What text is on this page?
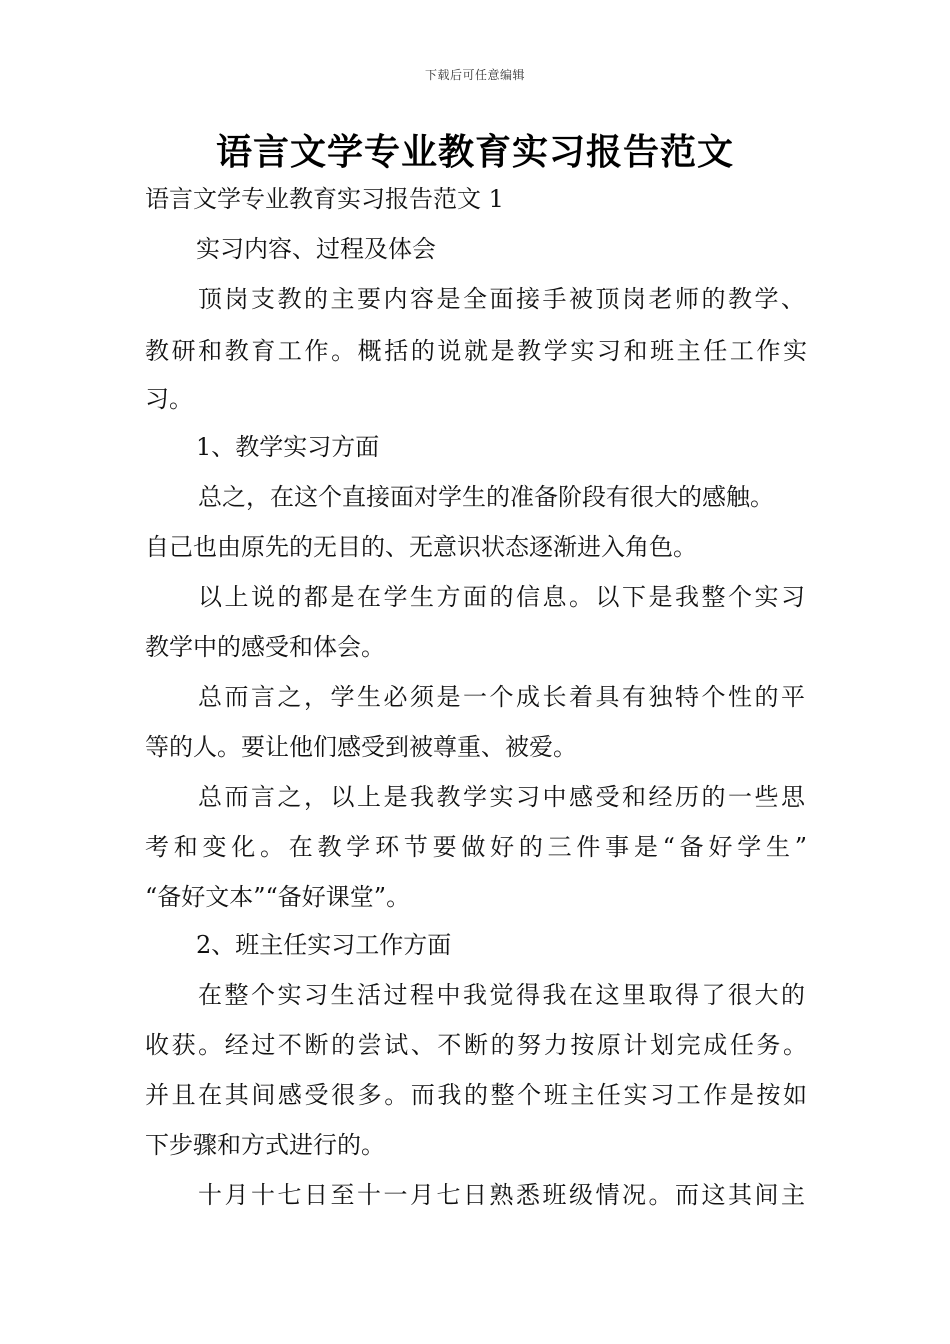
下载后可任意编辑
语言文学专业教育实习报告范文
语言文学专业教育实习报告范文 1
实习内容、过程及体会
顶岗支教的主要内容是全面接手被顶岗老师的教学、
教研和教育工作。概括的说就是教学实习和班主任工作实
习。
1、教学实习方面
总之，在这个直接面对学生的准备阶段有很大的感触。
自己也由原先的无目的、无意识状态逐渐进入角色。
以上说的都是在学生方面的信息。以下是我整个实习
教学中的感受和体会。
总而言之，学生必须是一个成长着具有独特个性的平
等的人。要让他们感受到被尊重、被爱。
总而言之，以上是我教学实习中感受和经历的一些思
考和变化。在教学环节要做好的三件事是“备好学生”
“备好文本”“备好课堂”。
2、班主任实习工作方面
在整个实习生活过程中我觉得我在这里取得了很大的
收获。经过不断的尝试、不断的努力按原计划完成任务。
并且在其间感受很多。而我的整个班主任实习工作是按如
下步骤和方式进行的。
十月十七日至十一月七日熟悉班级情况。而这其间主
